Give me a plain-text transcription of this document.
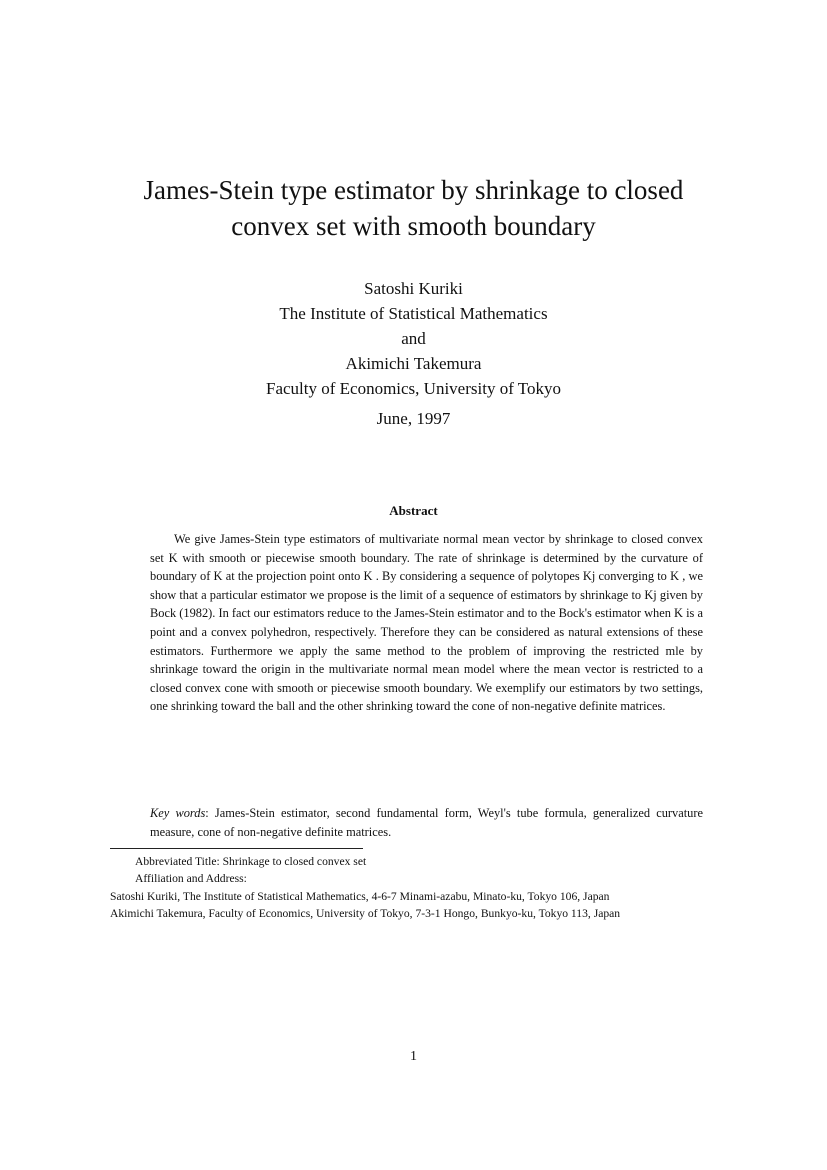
James-Stein type estimator by shrinkage to closed
convex set with smooth boundary
Satoshi Kuriki
The Institute of Statistical Mathematics
and
Akimichi Takemura
Faculty of Economics, University of Tokyo
June, 1997
Abstract
We give James-Stein type estimators of multivariate normal mean vector by shrinkage to closed convex set K with smooth or piecewise smooth boundary. The rate of shrinkage is determined by the curvature of boundary of K at the projection point onto K . By considering a sequence of polytopes Kj converging to K , we show that a particular estimator we propose is the limit of a sequence of estimators by shrinkage to Kj given by Bock (1982). In fact our estimators reduce to the James-Stein estimator and to the Bock's estimator when K is a point and a convex polyhedron, respectively. Therefore they can be considered as natural extensions of these estimators. Furthermore we apply the same method to the problem of improving the restricted mle by shrinkage toward the origin in the multivariate normal mean model where the mean vector is restricted to a closed convex cone with smooth or piecewise smooth boundary. We exemplify our estimators by two settings, one shrinking toward the ball and the other shrinking toward the cone of non-negative definite matrices.
Key words: James-Stein estimator, second fundamental form, Weyl's tube formula, generalized curvature measure, cone of non-negative definite matrices.
Abbreviated Title: Shrinkage to closed convex set
Affiliation and Address:
Satoshi Kuriki, The Institute of Statistical Mathematics, 4-6-7 Minami-azabu, Minato-ku, Tokyo 106, Japan
Akimichi Takemura, Faculty of Economics, University of Tokyo, 7-3-1 Hongo, Bunkyo-ku, Tokyo 113, Japan
1
